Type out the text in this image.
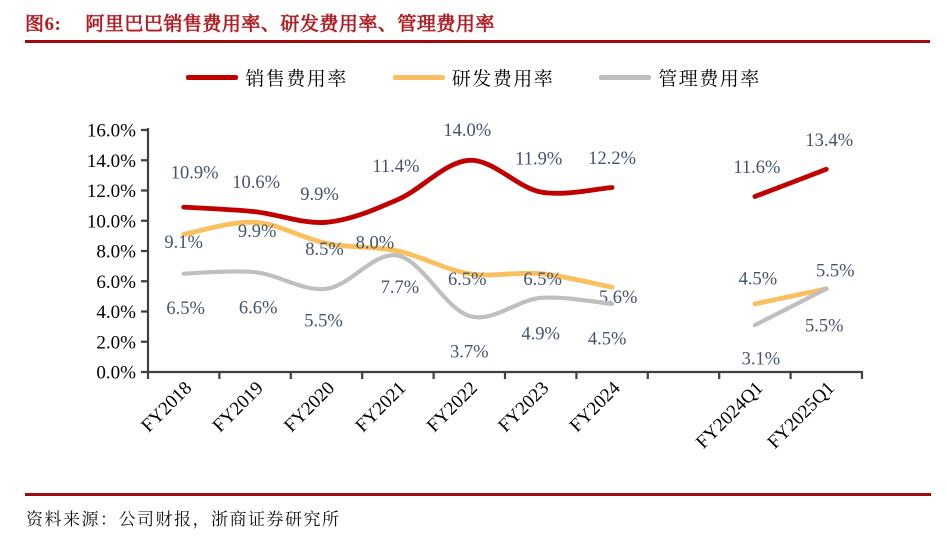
图6: 阿里巴巴销售费用率、研发费用率、管理费用率
销售费用率	研发费用率	管理费用率
0.0%
2.0%
4.0%
6.0%
8.0%
10.0%
12.0%
14.0%
16.0%
FY2018 FY2019 FY2020 FY2021 FY2022 FY2023 FY2024	FY2024Q1
FY2025Q1
10.9% 10.6%
9.9%
11.4%
14.0%
11.9% 12.2%	11.6%
13.4%
9.1%
9.9%
8.5% 8.0%
6.5% 6.5%
5.6%
4.5% 5.5%
6.5% 6.6%
5.5%
7.7%
3.7%
4.9% 4.5%
3.1%
5.5%
资料来源：公司财报，浙商证券研究所
